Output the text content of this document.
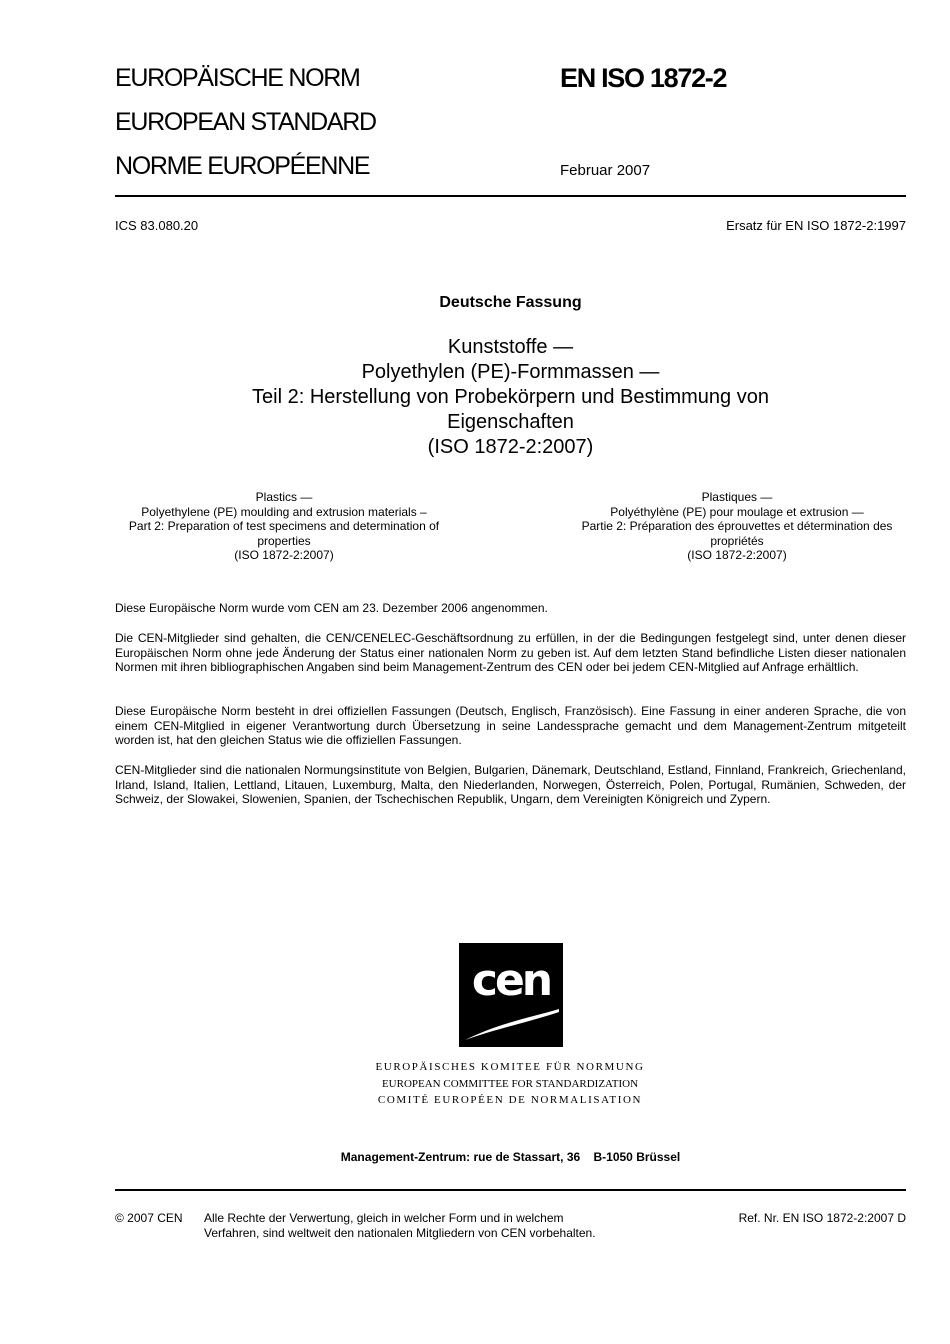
EUROPÄISCHE NORM
EUROPEAN STANDARD
NORME EUROPÉENNE
EN ISO 1872-2
Februar 2007
ICS 83.080.20	Ersatz für EN ISO 1872-2:1997
Deutsche Fassung
Kunststoffe —
Polyethylen (PE)-Formmassen —
Teil 2: Herstellung von Probekörpern und Bestimmung von
Eigenschaften
(ISO 1872-2:2007)
Plastics —
Polyethylene (PE) moulding and extrusion materials –
Part 2: Preparation of test specimens and determination of
properties
(ISO 1872-2:2007)
Plastiques —
Polyéthylène (PE) pour moulage et extrusion —
Partie 2: Préparation des éprouvettes et détermination des
propriétés
(ISO 1872-2:2007)

Diese Europäische Norm wurde vom CEN am 23. Dezember 2006 angenommen.

Die CEN-Mitglieder sind gehalten, die CEN/CENELEC-Geschäftsordnung zu erfüllen, in der die Bedingungen festgelegt sind, unter denen dieser Europäischen Norm ohne jede Änderung der Status einer nationalen Norm zu geben ist. Auf dem letzten Stand befindliche Listen dieser nationalen Normen mit ihren bibliographischen Angaben sind beim Management-Zentrum des CEN oder bei jedem CEN-Mitglied auf Anfrage erhältlich.

Diese Europäische Norm besteht in drei offiziellen Fassungen (Deutsch, Englisch, Französisch). Eine Fassung in einer anderen Sprache, die von einem CEN-Mitglied in eigener Verantwortung durch Übersetzung in seine Landessprache gemacht und dem Management-Zentrum mitgeteilt worden ist, hat den gleichen Status wie die offiziellen Fassungen.

CEN-Mitglieder sind die nationalen Normungsinstitute von Belgien, Bulgarien, Dänemark, Deutschland, Estland, Finnland, Frankreich, Griechenland, Irland, Island, Italien, Lettland, Litauen, Luxemburg, Malta, den Niederlanden, Norwegen, Österreich, Polen, Portugal, Rumänien, Schweden, der Schweiz, der Slowakei, Slowenien, Spanien, der Tschechischen Republik, Ungarn, dem Vereinigten Königreich und Zypern.

cen
EUROPÄISCHES KOMITEE FÜR NORMUNG
EUROPEAN COMMITTEE FOR STANDARDIZATION
COMITÉ EUROPÉEN DE NORMALISATION
Management-Zentrum: rue de Stassart, 36    B-1050 Brüssel
© 2007 CEN Alle Rechte der Verwertung, gleich in welcher Form und in welchem
Verfahren, sind weltweit den nationalen Mitgliedern von CEN vorbehalten.
Ref. Nr. EN ISO 1872-2:2007 D
